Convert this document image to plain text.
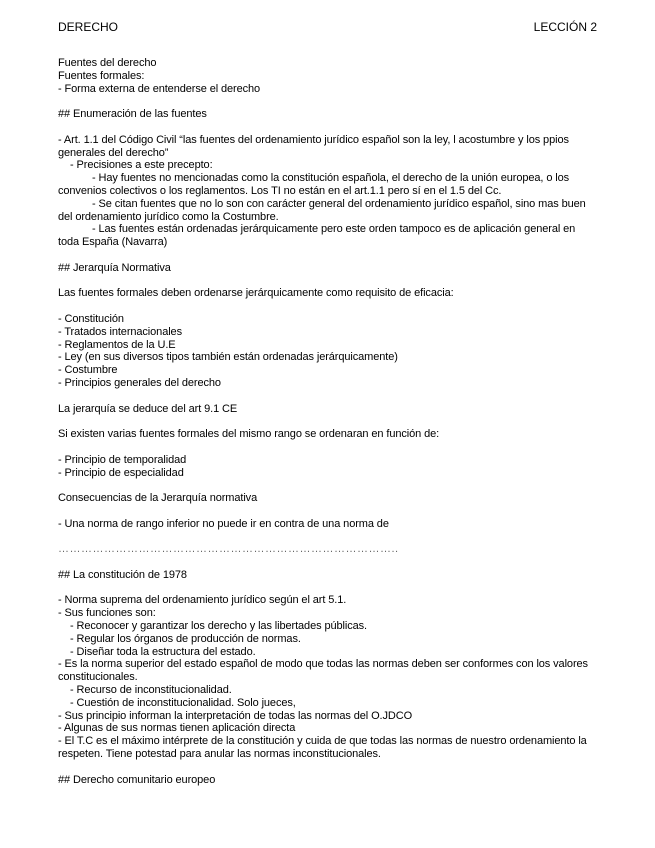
DERECHO	LECCIÓN 2
Fuentes del derecho
Fuentes formales:
- Forma externa de entenderse el derecho
## Enumeración de las fuentes
- Art. 1.1 del Código Civil “las fuentes del ordenamiento jurídico español son la ley, l acostumbre y los ppios generales del derecho”
- Precisiones a este precepto:
- Hay fuentes no mencionadas como la constitución española, el derecho de la unión europea, o los convenios colectivos o los reglamentos. Los TI no están en el art.1.1 pero sí en el 1.5 del Cc.
- Se citan fuentes que no lo son con carácter general del ordenamiento jurídico español, sino mas buen del ordenamiento jurídico como la Costumbre.
- Las fuentes están ordenadas jerárquicamente pero este orden tampoco es de aplicación general en toda España (Navarra)
## Jerarquía Normativa
Las fuentes formales deben ordenarse jerárquicamente como requisito de eficacia:
- Constitución
- Tratados internacionales
- Reglamentos de la U.E
- Ley (en sus diversos tipos también están ordenadas jerárquicamente)
- Costumbre
- Principios generales del derecho
La jerarquía se deduce del art 9.1 CE
Si existen varias fuentes formales del mismo rango se ordenaran en función de:
- Principio de temporalidad
- Principio de especialidad
Consecuencias de la Jerarquía normativa
- Una norma de rango inferior no puede ir en contra de una norma de
……………………………………………………………………………..
## La constitución de 1978
- Norma suprema del ordenamiento jurídico según el art 5.1.
- Sus funciones son:
- Reconocer y garantizar los derecho y las libertades públicas.
- Regular los órganos de producción de normas.
- Diseñar toda la estructura del estado.
- Es la norma superior del estado español de modo que todas las normas deben ser conformes con los valores constitucionales.
- Recurso de inconstitucionalidad.
- Cuestión de inconstitucionalidad. Solo jueces,
- Sus principio informan la interpretación de todas las normas del O.JDCO
- Algunas de sus normas tienen aplicación directa
- El T.C es el máximo intérprete de la constitución y cuida de que todas las normas de nuestro ordenamiento la respeten. Tiene potestad para anular las normas inconstitucionales.
## Derecho comunitario europeo
